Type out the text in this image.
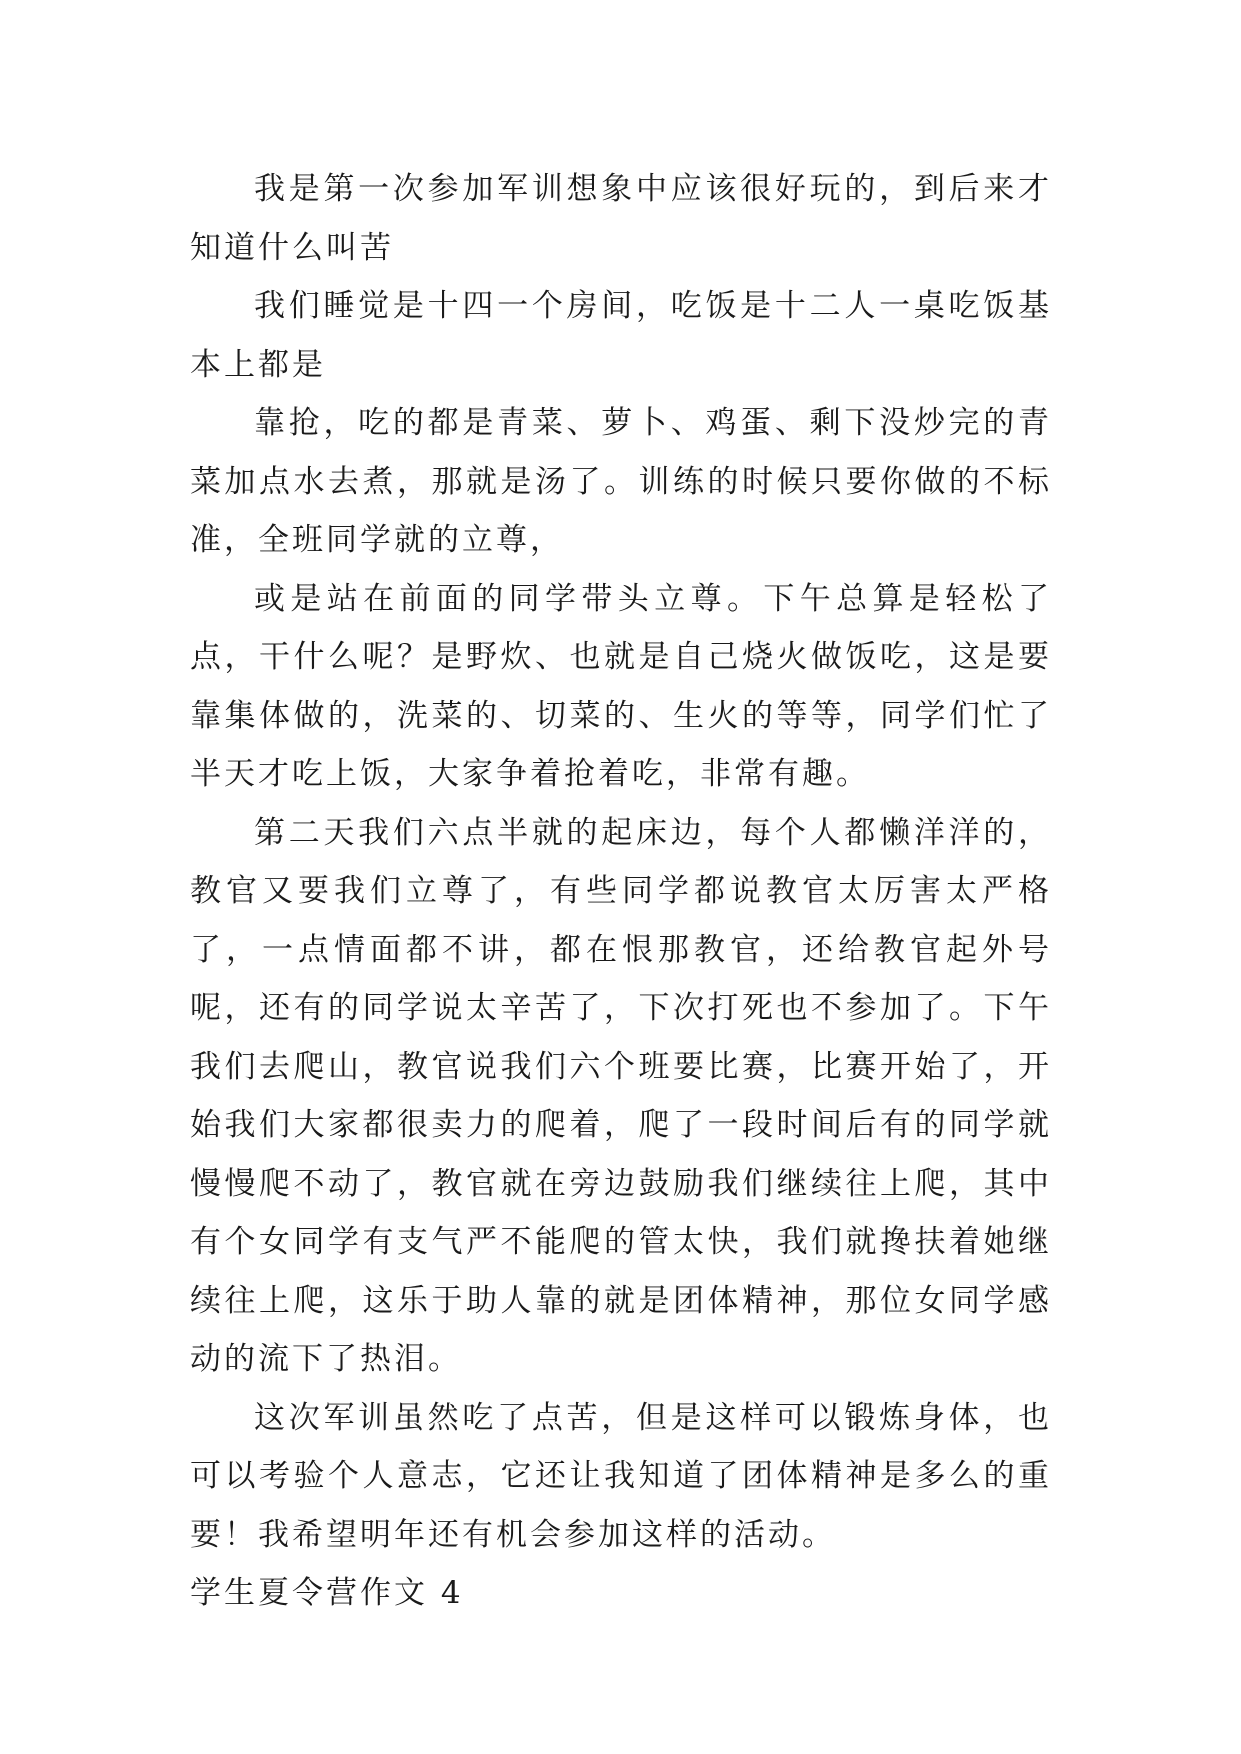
我是第一次参加军训想象中应该很好玩的，到后来才知道什么叫苦

我们睡觉是十四一个房间，吃饭是十二人一桌吃饭基本上都是

靠抢，吃的都是青菜、萝卜、鸡蛋、剩下没炒完的青菜加点水去煮，那就是汤了。训练的时候只要你做的不标准，全班同学就的立尊，

或是站在前面的同学带头立尊。下午总算是轻松了点，干什么呢？是野炊、也就是自己烧火做饭吃，这是要靠集体做的，洗菜的、切菜的、生火的等等，同学们忙了半天才吃上饭，大家争着抢着吃，非常有趣。

第二天我们六点半就的起床边，每个人都懒洋洋的，教官又要我们立尊了，有些同学都说教官太厉害太严格了，一点情面都不讲，都在恨那教官，还给教官起外号呢，还有的同学说太辛苦了，下次打死也不参加了。下午我们去爬山，教官说我们六个班要比赛，比赛开始了，开始我们大家都很卖力的爬着，爬了一段时间后有的同学就慢慢爬不动了，教官就在旁边鼓励我们继续往上爬，其中有个女同学有支气严不能爬的管太快，我们就搀扶着她继续往上爬，这乐于助人靠的就是团体精神，那位女同学感动的流下了热泪。

这次军训虽然吃了点苦，但是这样可以锻炼身体，也可以考验个人意志，它还让我知道了团体精神是多么的重要！我希望明年还有机会参加这样的活动。

学生夏令营作文 4
